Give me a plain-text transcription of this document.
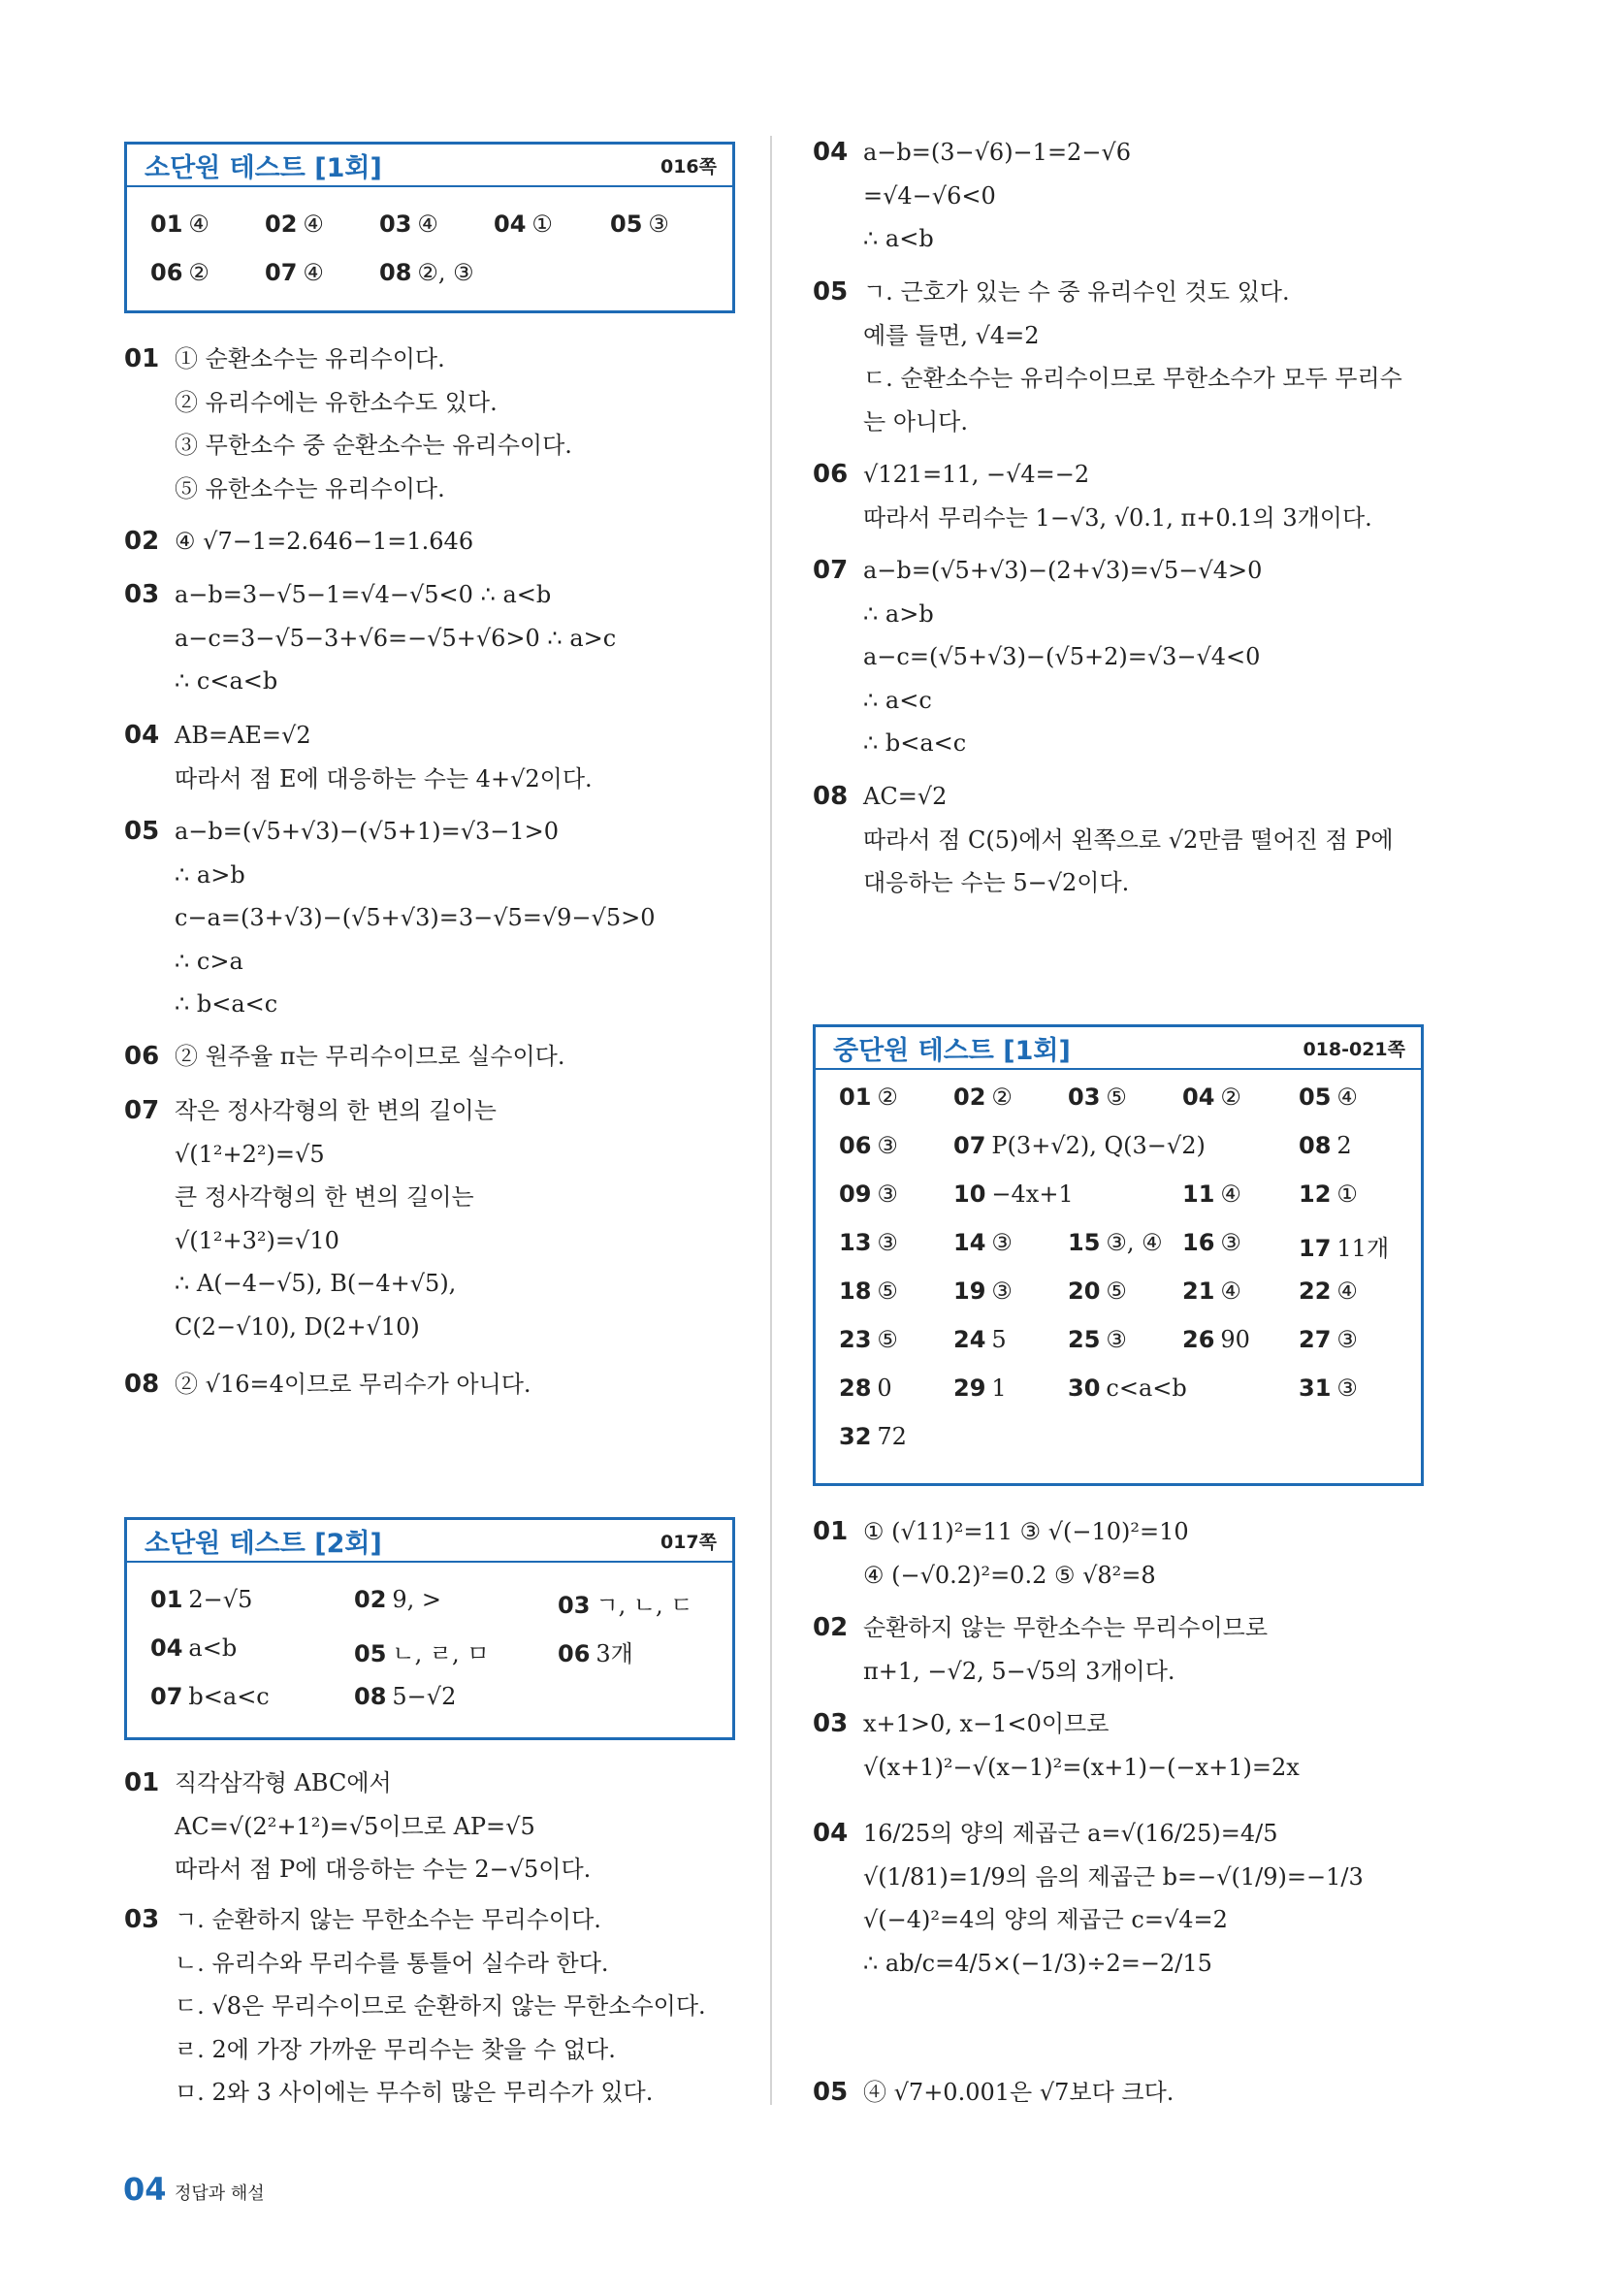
소단원 테스트 [1회]	016쪽
01 ④ 02 ④ 03 ④ 04 ① 05 ③
06 ② 07 ④ 08 ②, ③
01 ① 순환소수는 유리수이다.
② 유리수에는 유한소수도 있다.
③ 무한소수 중 순환소수는 유리수이다.
⑤ 유한소수는 유리수이다.
02 ④ √7−1=2.646−1=1.646
03 a−b=3−√5−1=√4−√5<0 ∴ a<b
a−c=3−√5−3+√6=−√5+√6>0 ∴ a>c
∴ c<a<b
04 AB=AE=√2
따라서 점 E에 대응하는 수는 4+√2이다.
05 a−b=(√5+√3)−(√5+1)=√3−1>0
∴ a>b
c−a=(3+√3)−(√5+√3)=3−√5=√9−√5>0
∴ c>a
∴ b<a<c
06 ② 원주율 π는 무리수이므로 실수이다.
07 작은 정사각형의 한 변의 길이는
√(1²+2²)=√5
큰 정사각형의 한 변의 길이는
√(1²+3²)=√10
∴ A(−4−√5), B(−4+√5),
C(2−√10), D(2+√10)
08 ② √16=4이므로 무리수가 아니다.
소단원 테스트 [2회]	017쪽
01 2−√5	02 9, >	03 ㄱ, ㄴ, ㄷ
04 a<b	05 ㄴ, ㄹ, ㅁ	06 3개
07 b<a<c	08 5−√2
01 직각삼각형 ABC에서
AC=√(2²+1²)=√5이므로 AP=√5
따라서 점 P에 대응하는 수는 2−√5이다.
03 ㄱ. 순환하지 않는 무한소수는 무리수이다.
ㄴ. 유리수와 무리수를 통틀어 실수라 한다.
ㄷ. √8은 무리수이므로 순환하지 않는 무한소수이다.
ㄹ. 2에 가장 가까운 무리수는 찾을 수 없다.
ㅁ. 2와 3 사이에는 무수히 많은 무리수가 있다.
04 a−b=(3−√6)−1=2−√6
=√4−√6<0
∴ a<b
05 ㄱ. 근호가 있는 수 중 유리수인 것도 있다.
예를 들면, √4=2
ㄷ. 순환소수는 유리수이므로 무한소수가 모두 무리수
는 아니다.
06 √121=11, −√4=−2
따라서 무리수는 1−√3, √0.1, π+0.1의 3개이다.
07 a−b=(√5+√3)−(2+√3)=√5−√4>0
∴ a>b
a−c=(√5+√3)−(√5+2)=√3−√4<0
∴ a<c
∴ b<a<c
08 AC=√2
따라서 점 C(5)에서 왼쪽으로 √2만큼 떨어진 점 P에
대응하는 수는 5−√2이다.
중단원 테스트 [1회]	018-021쪽
01 ② 02 ② 03 ⑤ 04 ② 05 ④
06 ③ 07 P(3+√2), Q(3−√2)	08 2
09 ③ 10 −4x+1	11 ④ 12 ①
13 ③ 14 ③ 15 ③, ④ 16 ③ 17 11개
18 ⑤ 19 ③ 20 ⑤ 21 ④ 22 ④
23 ⑤ 24 5	25 ③ 26 90 27 ③
28 0	29 1	30 c<a<b	31 ③
32 72
01 ① (√11)²=11 ③ √(−10)²=10
④ (−√0.2)²=0.2 ⑤ √8²=8
02 순환하지 않는 무한소수는 무리수이므로
π+1, −√2, 5−√5의 3개이다.
03 x+1>0, x−1<0이므로
√(x+1)²−√(x−1)²=(x+1)−(−x+1)=2x
04 16/25의 양의 제곱근 a=√(16/25)=4/5
√(1/81)=1/9의 음의 제곱근 b=−√(1/9)=−1/3
√(−4)²=4의 양의 제곱근 c=√4=2
∴ ab/c=4/5×(−1/3)÷2=−2/15
05 ④ √7+0.001은 √7보다 크다.
04 정답과 해설
